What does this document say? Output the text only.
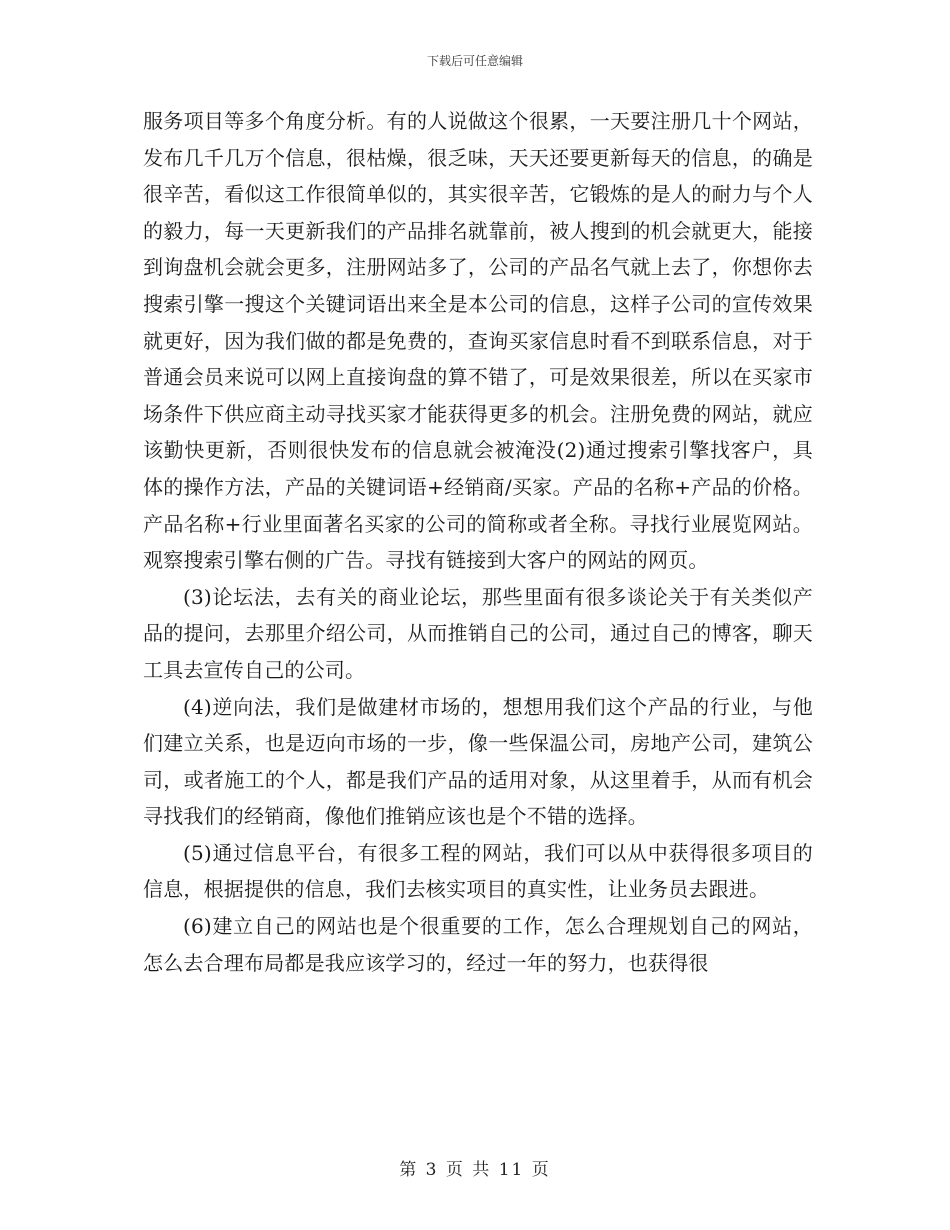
下载后可任意编辑

服务项目等多个角度分析。有的人说做这个很累，一天要注册几十个网站，发布几千几万个信息，很枯燥，很乏味，天天还要更新每天的信息，的确是很辛苦，看似这工作很简单似的，其实很辛苦，它锻炼的是人的耐力与个人的毅力，每一天更新我们的产品排名就靠前，被人搜到的机会就更大，能接到询盘机会就会更多，注册网站多了，公司的产品名气就上去了，你想你去搜索引擎一搜这个关键词语出来全是本公司的信息，这样子公司的宣传效果就更好，因为我们做的都是免费的，查询买家信息时看不到联系信息，对于普通会员来说可以网上直接询盘的算不错了，可是效果很差，所以在买家市场条件下供应商主动寻找买家才能获得更多的机会。注册免费的网站，就应该勤快更新，否则很快发布的信息就会被淹没(2)通过搜索引擎找客户，具体的操作方法，产品的关键词语+经销商/买家。产品的名称+产品的价格。产品名称+行业里面著名买家的公司的简称或者全称。寻找行业展览网站。观察搜索引擎右侧的广告。寻找有链接到大客户的网站的网页。

(3)论坛法，去有关的商业论坛，那些里面有很多谈论关于有关类似产品的提问，去那里介绍公司，从而推销自己的公司，通过自己的博客，聊天工具去宣传自己的公司。

(4)逆向法，我们是做建材市场的，想想用我们这个产品的行业，与他们建立关系，也是迈向市场的一步，像一些保温公司，房地产公司，建筑公司，或者施工的个人，都是我们产品的适用对象，从这里着手，从而有机会寻找我们的经销商，像他们推销应该也是个不错的选择。

(5)通过信息平台，有很多工程的网站，我们可以从中获得很多项目的信息，根据提供的信息，我们去核实项目的真实性，让业务员去跟进。

(6)建立自己的网站也是个很重要的工作，怎么合理规划自己的网站，怎么去合理布局都是我应该学习的，经过一年的努力，也获得很

第 3 页 共 11 页
